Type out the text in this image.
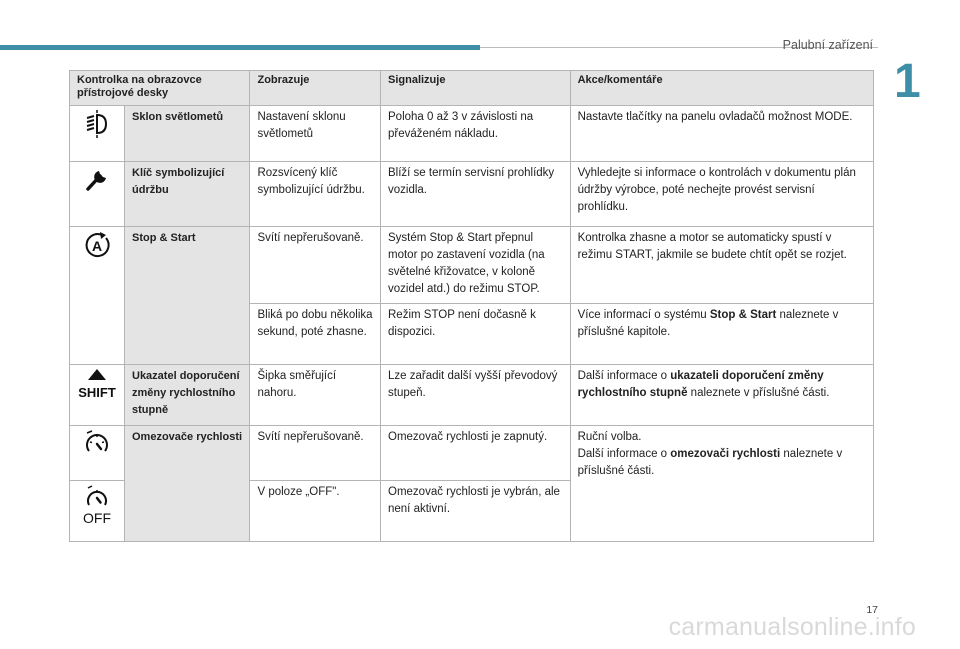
Palubní zařízení
1
Kontrolka na obrazovce přístrojové desky		Zobrazuje	Signalizuje	Akce/komentáře

	Sklon světlometů	Nastavení sklonu světlometů	Poloha 0 až 3 v závislosti na převáženém nákladu.	Nastavte tlačítky na panelu ovladačů možnost MODE.

	Klíč symbolizující údržbu	Rozsvícený klíč symbolizující údržbu.	Blíží se termín servisní prohlídky vozidla.	Vyhledejte si informace o kontrolách v dokumentu plán údržby výrobce, poté nechejte provést servisní prohlídku.

A	Stop & Start	Svítí nepřerušovaně.	Systém Stop & Start přepnul motor po zastavení vozidla (na světelné křižovatce, v koloně vozidel atd.) do režimu STOP.	Kontrolka zhasne a motor se automaticky spustí v režimu START, jakmile se budete chtít opět se rozjet.
		Bliká po dobu několika sekund, poté zhasne.	Režim STOP není dočasně k dispozici.	Více informací o systému Stop & Start naleznete v příslušné kapitole.

SHIFT	Ukazatel doporučení změny rychlostního stupně	Šipka směřující nahoru.	Lze zařadit další vyšší převodový stupeň.	Další informace o ukazateli doporučení změny rychlostního stupně naleznete v příslušné části.

	Omezovače rychlosti	Svítí nepřerušovaně.	Omezovač rychlosti je zapnutý.	Ruční volba.
Další informace o omezovači rychlosti naleznete v příslušné části.

OFF		V poloze „OFF".	Omezovač rychlosti je vybrán, ale není aktivní.	
17
carmanualsonline.info
